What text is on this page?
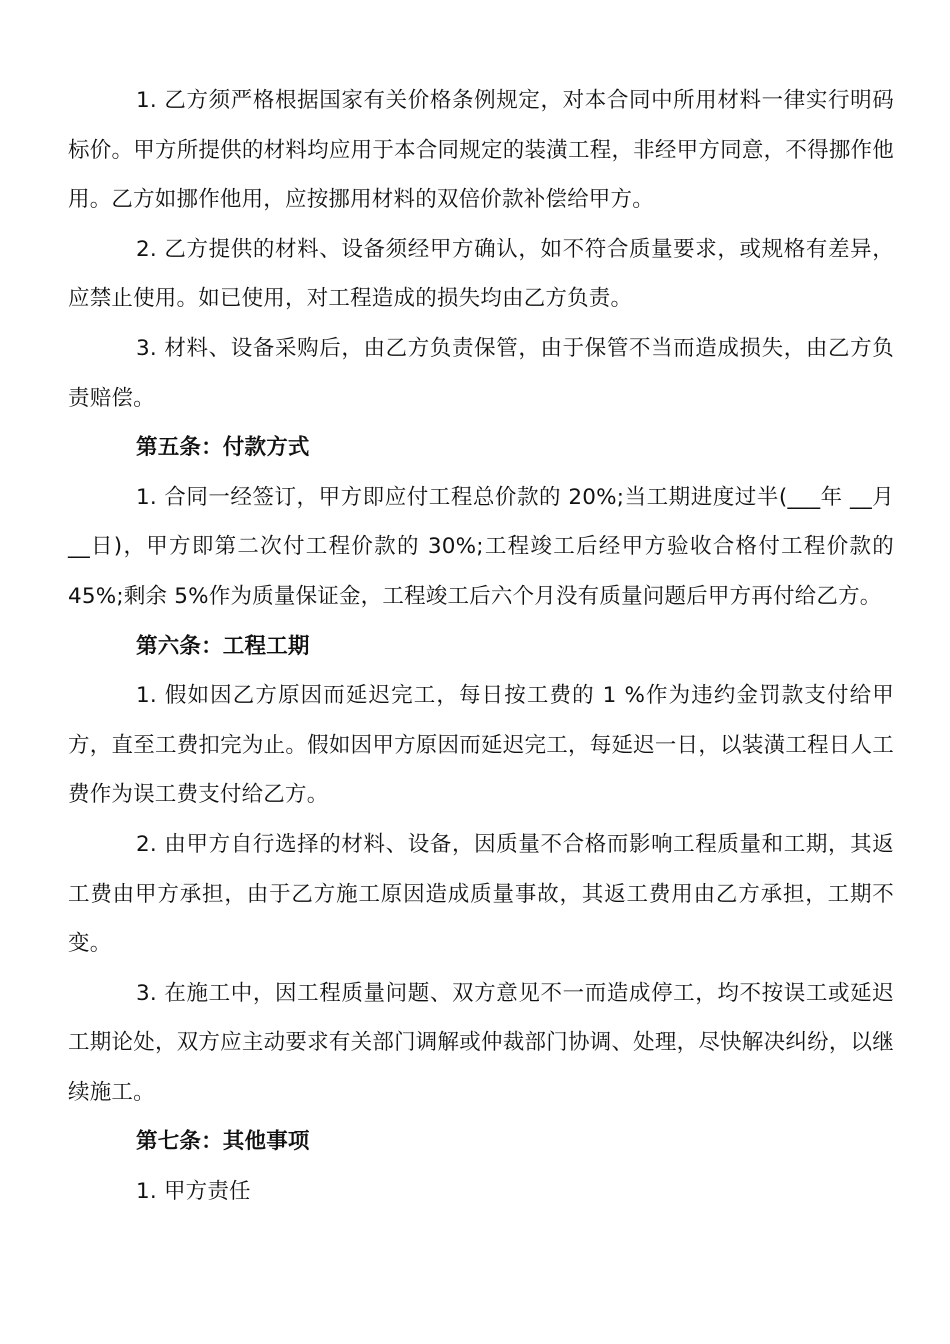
1. 乙方须严格根据国家有关价格条例规定，对本合同中所用材料一律实行明码标价。甲方所提供的材料均应用于本合同规定的装潢工程，非经甲方同意，不得挪作他用。乙方如挪作他用，应按挪用材料的双倍价款补偿给甲方。

2. 乙方提供的材料、设备须经甲方确认，如不符合质量要求，或规格有差异，应禁止使用。如已使用，对工程造成的损失均由乙方负责。

3. 材料、设备采购后，由乙方负责保管，由于保管不当而造成损失，由乙方负责赔偿。

第五条：付款方式

1. 合同一经签订，甲方即应付工程总价款的 20%;当工期进度过半(___年 __月__日)，甲方即第二次付工程价款的 30%;工程竣工后经甲方验收合格付工程价款的 45%;剩余 5%作为质量保证金，工程竣工后六个月没有质量问题后甲方再付给乙方。

第六条：工程工期

1. 假如因乙方原因而延迟完工，每日按工费的 1 %作为违约金罚款支付给甲方，直至工费扣完为止。假如因甲方原因而延迟完工，每延迟一日，以装潢工程日人工费作为误工费支付给乙方。

2. 由甲方自行选择的材料、设备，因质量不合格而影响工程质量和工期，其返工费由甲方承担，由于乙方施工原因造成质量事故，其返工费用由乙方承担，工期不变。

3. 在施工中，因工程质量问题、双方意见不一而造成停工，均不按误工或延迟工期论处，双方应主动要求有关部门调解或仲裁部门协调、处理，尽快解决纠纷，以继续施工。

第七条：其他事项

1. 甲方责任
